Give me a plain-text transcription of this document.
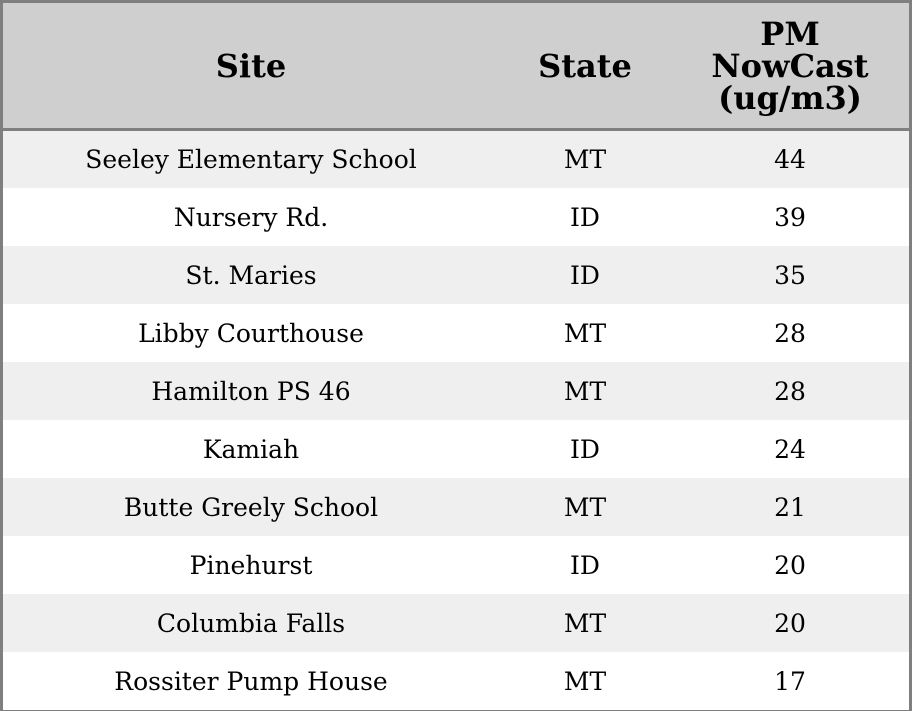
Site	State	PM
NowCast
(ug/m3)

Seeley Elementary School	MT	44
Nursery Rd.	ID	39
St. Maries	ID	35
Libby Courthouse	MT	28
Hamilton PS 46	MT	28
Kamiah	ID	24
Butte Greely School	MT	21
Pinehurst	ID	20
Columbia Falls	MT	20
Rossiter Pump House	MT	17
